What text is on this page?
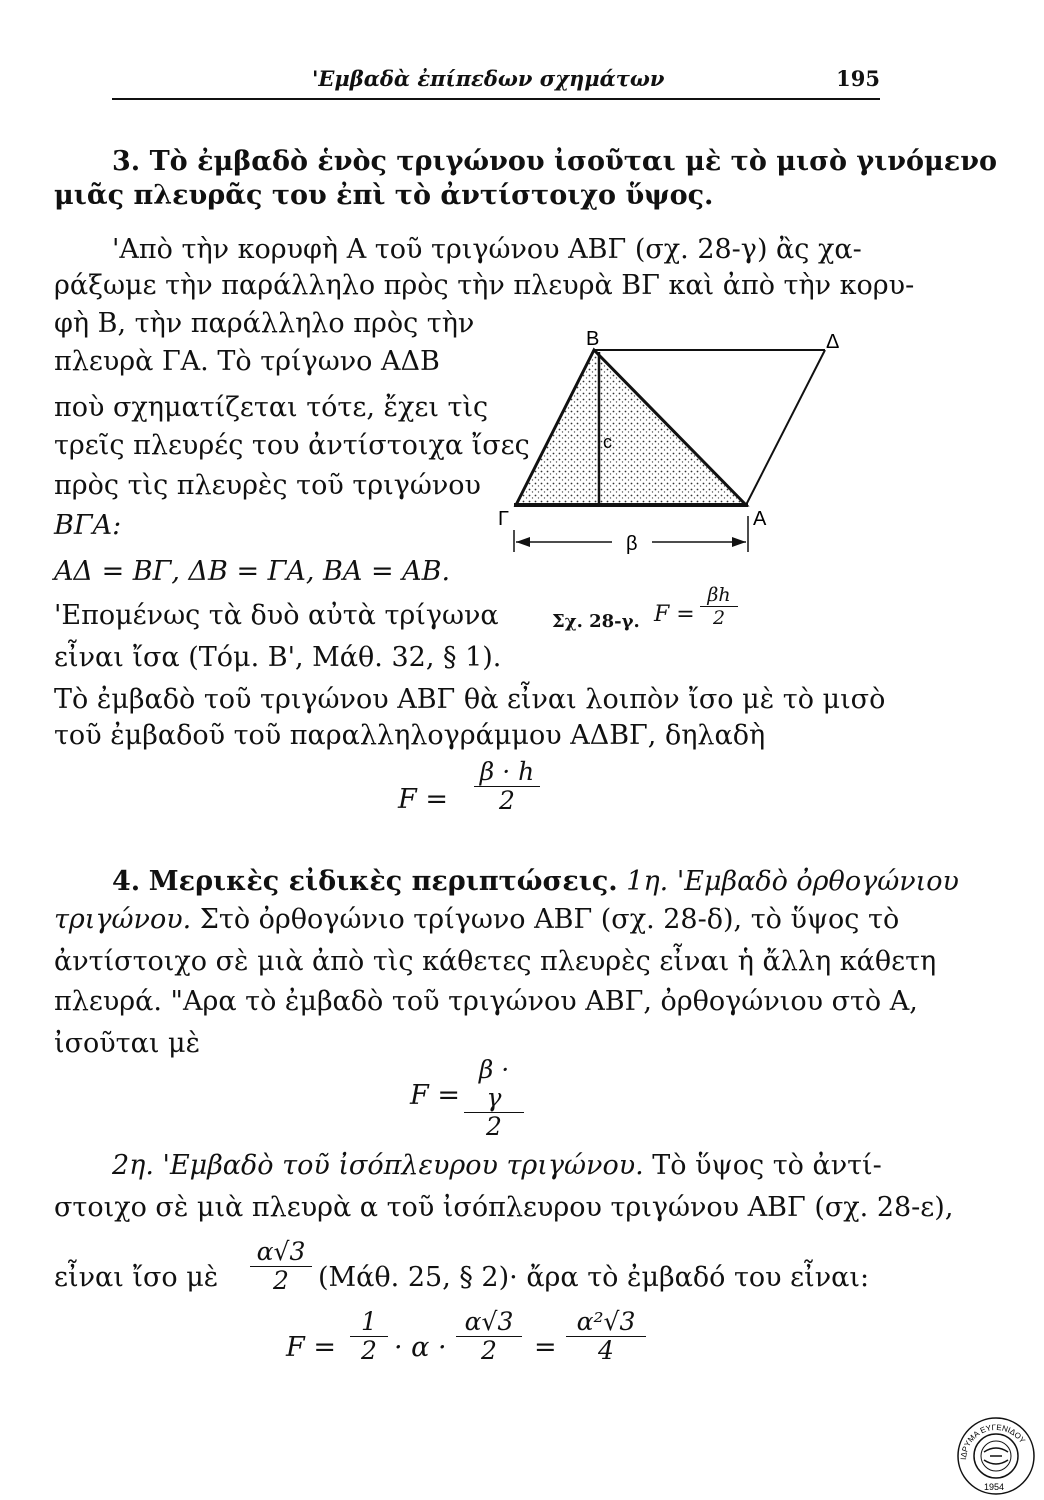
'Εμβαδὰ ἐπίπεδων σχημάτων	195
3. Τὸ ἐμβαδὸ ἑνὸς τριγώνου ἰσοῦται μὲ τὸ μισὸ γινόμενο
μιᾶς πλευρᾶς του ἐπὶ τὸ ἀντίστοιχο ὕψος.
'Απὸ τὴν κορυφὴ Α τοῦ τριγώνου ΑΒΓ (σχ. 28-γ) ἂς χα-
ράξωμε τὴν παράλληλο πρὸς τὴν πλευρὰ ΒΓ καὶ ἀπὸ τὴν κορυ-
φὴ Β, τὴν παράλληλο πρὸς τὴν
πλευρὰ ΓΑ. Τὸ τρίγωνο ΑΔΒ
ποὺ σχηματίζεται τότε, ἔχει τὶς
τρεῖς πλευρές του ἀντίστοιχα ἴσες
πρὸς τὶς πλευρὲς τοῦ τριγώνου
ΒΓΑ:
ΑΔ = ΒΓ, ΔΒ = ΓΑ, ΒΑ = ΑΒ.
'Επομένως τὰ δυὸ αὐτὰ τρίγωνα
εἶναι ἴσα (Τόμ. Β', Μάθ. 32, § 1).
Τὸ ἐμβαδὸ τοῦ τριγώνου ΑΒΓ θὰ εἶναι λοιπὸν ἴσο μὲ τὸ μισὸ
τοῦ ἐμβαδοῦ τοῦ παραλληλογράμμου ΑΔΒΓ, δηλαδὴ
$F = \frac{\beta \cdot h}{2}$
B	Δ
Γ	A
c
β
Σχ. 28-γ. $F = \frac{\beta h}{2}$
4. Μερικὲς εἰδικὲς περιπτώσεις. 1η. 'Εμβαδὸ ὀρθογώνιου
τριγώνου. Στὸ ὀρθογώνιο τρίγωνο ΑΒΓ (σχ. 28-δ), τὸ ὕψος τὸ
ἀντίστοιχο σὲ μιὰ ἀπὸ τὶς κάθετες πλευρὲς εἶναι ἡ ἄλλη κάθετη
πλευρά. "Αρα τὸ ἐμβαδὸ τοῦ τριγώνου ΑΒΓ, ὀρθογώνιου στὸ Α,
ἰσοῦται μὲ
$F = \frac{\beta \cdot \gamma}{2}$
2η. 'Εμβαδὸ τοῦ ἰσόπλευρου τριγώνου. Τὸ ὕψος τὸ ἀντί-
στοιχο σὲ μιὰ πλευρὰ α τοῦ ἰσόπλευρου τριγώνου ΑΒΓ (σχ. 28-ε),
εἶναι ἴσο μὲ $\frac{\alpha√3}{2} (Mά\theta$. 25, § 2)· ἄρα τὸ ἐμβαδό του εἶναι:
$F = \frac{1}{2} \cdot \alpha \cdot \frac{\alpha√3}{2} = \frac{\text{α²√3}}{4}$
ΙΔΡΥΜΑ ΕΥΓΕΝΙΔΟΥ
1954
